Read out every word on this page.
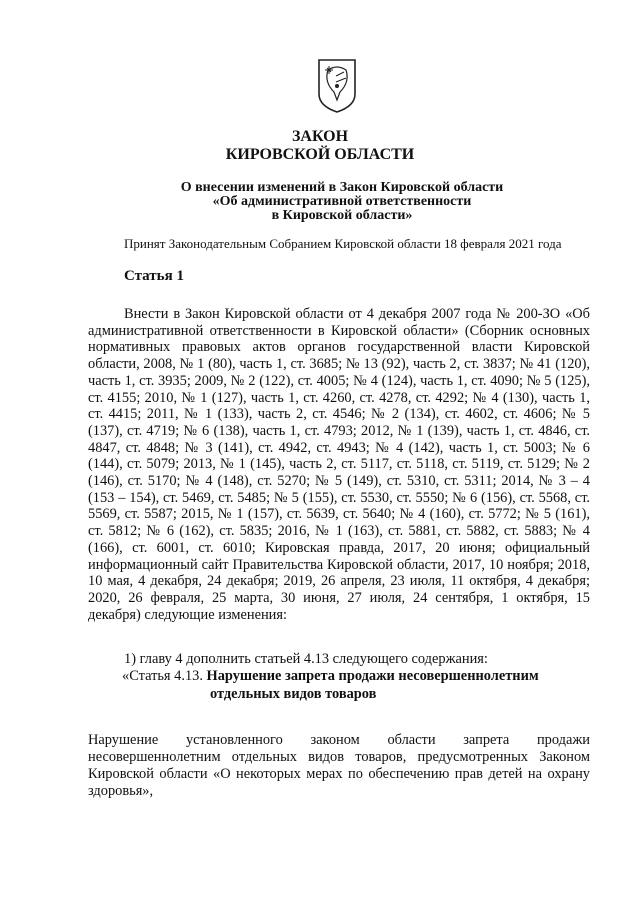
ЗАКОН
КИРОВСКОЙ ОБЛАСТИ
О внесении изменений в Закон Кировской области
«Об административной ответственности
в Кировской области»
Принят Законодательным Собранием Кировской области 18 февраля 2021 года
Статья 1

Внести в Закон Кировской области от 4 декабря 2007 года № 200-ЗО «Об административной ответственности в Кировской области» (Сборник основных нормативных правовых актов органов государственной власти Кировской области, 2008, № 1 (80), часть 1, ст. 3685; № 13 (92), часть 2, ст. 3837; № 41 (120), часть 1, ст. 3935; 2009, № 2 (122), ст. 4005; № 4 (124), часть 1, ст. 4090; № 5 (125), ст. 4155; 2010, № 1 (127), часть 1, ст. 4260, ст. 4278, ст. 4292; № 4 (130), часть 1, ст. 4415; 2011, № 1 (133), часть 2, ст. 4546; № 2 (134), ст. 4602, ст. 4606; № 5 (137), ст. 4719; № 6 (138), часть 1, ст. 4793; 2012, № 1 (139), часть 1, ст. 4846, ст. 4847, ст. 4848; № 3 (141), ст. 4942, ст. 4943; № 4 (142), часть 1, ст. 5003; № 6 (144), ст. 5079; 2013, № 1 (145), часть 2, ст. 5117, ст. 5118, ст. 5119, ст. 5129; № 2 (146), ст. 5170; № 4 (148), ст. 5270; № 5 (149), ст. 5310, ст. 5311; 2014, № 3 – 4 (153 – 154), ст. 5469, ст. 5485; № 5 (155), ст. 5530, ст. 5550; № 6 (156), ст. 5568, ст. 5569, ст. 5587; 2015, № 1 (157), ст. 5639, ст. 5640; № 4 (160), ст. 5772; № 5 (161), ст. 5812; № 6 (162), ст. 5835; 2016, № 1 (163), ст. 5881, ст. 5882, ст. 5883; № 4 (166), ст. 6001, ст. 6010; Кировская правда, 2017, 20 июня; официальный информационный сайт Правительства Кировской области, 2017, 10 ноября; 2018, 10 мая, 4 декабря, 24 декабря; 2019, 26 апреля, 23 июля, 11 октября, 4 декабря; 2020, 26 февраля, 25 марта, 30 июня, 27 июля, 24 сентября, 1 октября, 15 декабря) следующие изменения:

1) главу 4 дополнить статьей 4.13 следующего содержания:
«Статья 4.13. Нарушение запрета продажи несовершеннолетним
отдельных видов товаров

Нарушение установленного законом области запрета продажи несовершеннолетним отдельных видов товаров, предусмотренных Законом Кировской области «О некоторых мерах по обеспечению прав детей на охрану здоровья»,
